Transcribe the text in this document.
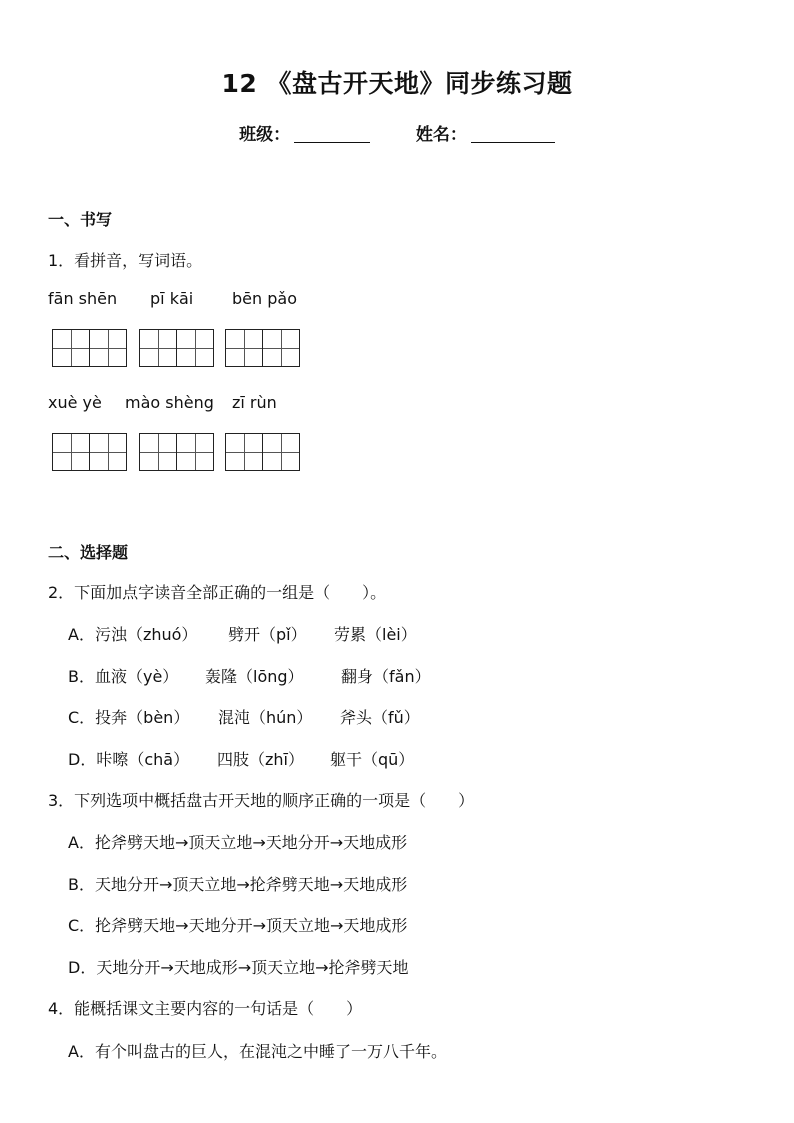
12 《盘古开天地》同步练习题
班级：	姓名：
一、书写
1．看拼音，写词语。
fān shēn pī kāi bēn pǎo
xuè yè mào shèng zī rùn
二、选择题
2．下面加点字读音全部正确的一组是（　　）。
A．污浊（zhuó） 劈开（pǐ） 劳累（lèi）
B．血液（yè） 轰隆（lōng） 翻身（fǎn）
C．投奔（bèn） 混沌（hún） 斧头（fǔ）
D．咔嚓（chā） 四肢（zhī） 躯干（qū）
3．下列选项中概括盘古开天地的顺序正确的一项是（　　）
A．抡斧劈天地→顶天立地→天地分开→天地成形
B．天地分开→顶天立地→抡斧劈天地→天地成形
C．抡斧劈天地→天地分开→顶天立地→天地成形
D．天地分开→天地成形→顶天立地→抡斧劈天地
4．能概括课文主要内容的一句话是（　　）
A．有个叫盘古的巨人，在混沌之中睡了一万八千年。
